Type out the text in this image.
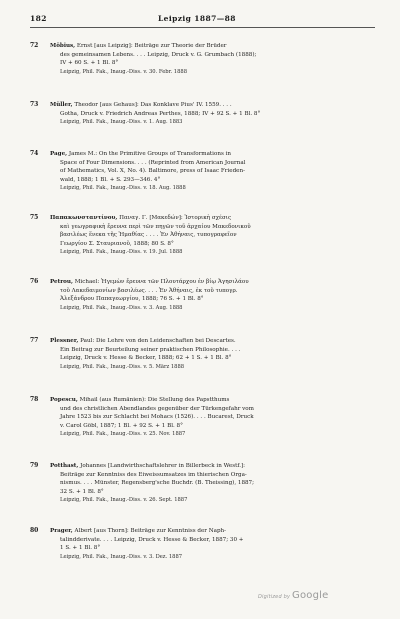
182	Leipzig 1887—88
72 Möbius, Ernst [aus Leipzig]: Beiträge zur Theorie der Brüder
des gemeinsamen Lebens. . . . Leipzig, Druck v. G. Grumbach (1888);
IV + 60 S. + 1 Bl. 8°
Leipzig, Phil. Fak., Inaug.-Diss. v. 30. Febr. 1888
73 Müller, Theodor [aus Gehaus]: Das Konklave Pius' IV. 1559. . . .
Gotha, Druck v. Friedrich Andreas Perthes, 1888; IV + 92 S. + 1 Bl. 8°
Leipzig, Phil. Fak., Inaug.-Diss. v. 1. Aug. 1883
74 Page, James M.: On the Primitive Groups of Transformations in
Space of Four Dimensions. . . . (Reprinted from American Journal
of Mathematics, Vol. X, No. 4). Baltimore, press of Isaac Frieden-
wald, 1888; 1 Bl. + S. 293—346. 4°
Leipzig, Phil. Fak., Inaug.-Diss. v. 18. Aug. 1888
75 Παπακωνσταντίνου, Παναγ. Γ. [Μακεδών]: Ἱστορικὴ σχέσις
καὶ γεωγραφικὴ ἔρευνα περὶ τῶν πηγῶν τοῦ ἀρχαίου Μακεδονικοῦ
βασιλέως ἕνεκα τῆς Ἠμαθίας . . . . Ἐν Ἀθήναις, τυπογραφεῖον
Γεωργίου Σ. Σταυριανοῦ, 1888; 80 S. 8°
Leipzig, Phil. Fak., Inaug.-Diss. v. 19. Jul. 1888
76 Petrou, Michael: Ἡγεμὼν ἔρευνα τῶν Πλουτάρχου ἐν βίῳ Ἀγησιλάου
τοῦ Λακεδαιμονίων βασιλέως. . . . Ἐν Ἀθήναις, ἐκ τοῦ τυπογρ.
Ἀλεξάνδρου Παπαγεωργίου, 1888; 76 S. + 1 Bl. 8°
Leipzig, Phil. Fak., Inaug.-Diss. v. 3. Aug. 1888
77 Plessner, Paul: Die Lehre von den Leidenschaften bei Descartes.
Ein Beitrag zur Beurteilung seiner praktischen Philosophie. . . .
Leipzig, Druck v. Hesse & Becker, 1888; 62 + 1 S. + 1 Bl. 8°
Leipzig, Phil. Fak., Inaug.-Diss. v. 5. März 1888
78 Popescu, Mihail (aus Rumänien): Die Stellung des Papstthums
und des christlichen Abendlandes gegenüber der Türkengefahr vom
Jahre 1523 bis zur Schlacht bei Mohacs (1526). . . . Bucarest, Druck
v. Carol Göbl, 1887; 1 Bl. + 92 S. + 1 Bl. 8°
Leipzig, Phil. Fak., Inaug.-Diss. v. 25. Nov. 1887
79 Potthast, Johannes [Landwirthschaftslehrer in Billerbeck in Westf.]:
Beiträge zur Kenntniss des Eiweissumsatzes im thierischen Orga-
nismus. . . . Münster, Regensberg'sche Buchdr. (B. Theissing), 1887;
32 S. + 1 Bl. 8°
Leipzig, Phil. Fak., Inaug.-Diss. v. 26. Sept. 1887
80 Prager, Albert [aus Thorn]: Beiträge zur Kenntniss der Naph-
talindderivate. . . . Leipzig, Druck v. Hesse & Becker, 1887; 30 +
1 S. + 1 Bl. 8°
Leipzig, Phil. Fak., Inaug.-Diss. v. 3. Dez. 1887
Digitized by Google
